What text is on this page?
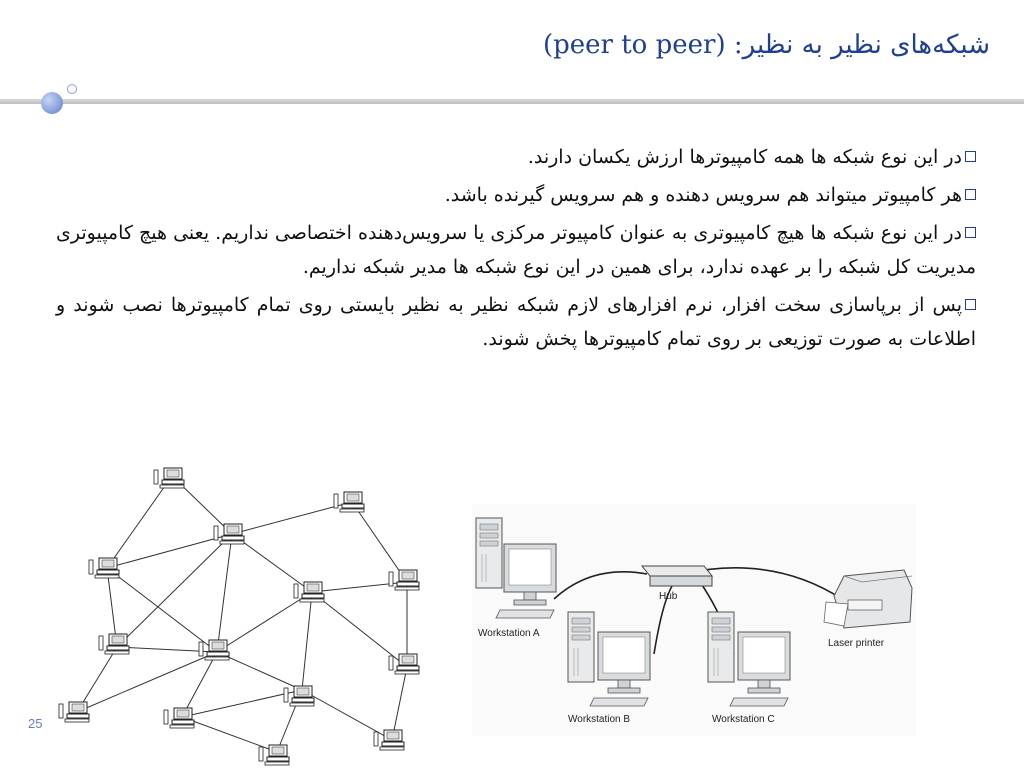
شبکه‌های نظیر به نظیر: (peer to peer)

در این نوع شبکه ها همه کامپیوترها ارزش یکسان دارند.

هر کامپیوتر میتواند هم سرویس دهنده و هم سرویس گیرنده باشد.

در این نوع شبکه ها هیچ کامپیوتری به عنوان کامپیوتر مرکزی یا سرویس‌دهنده اختصاصی نداریم. یعنی هیچ کامپیوتری مدیریت کل شبکه را بر عهده ندارد، برای همین در این نوع شبکه ها مدیر شبکه نداریم.

پس از برپاسازی سخت افزار، نرم افزارهای لازم شبکه نظیر به نظیر بایستی روی تمام کامپیوترها نصب شوند و اطلاعات به صورت توزیعی بر روی تمام کامپیوترها پخش شوند.

Workstation A
Hub
Workstation B	Workstation C
Laser printer
25
